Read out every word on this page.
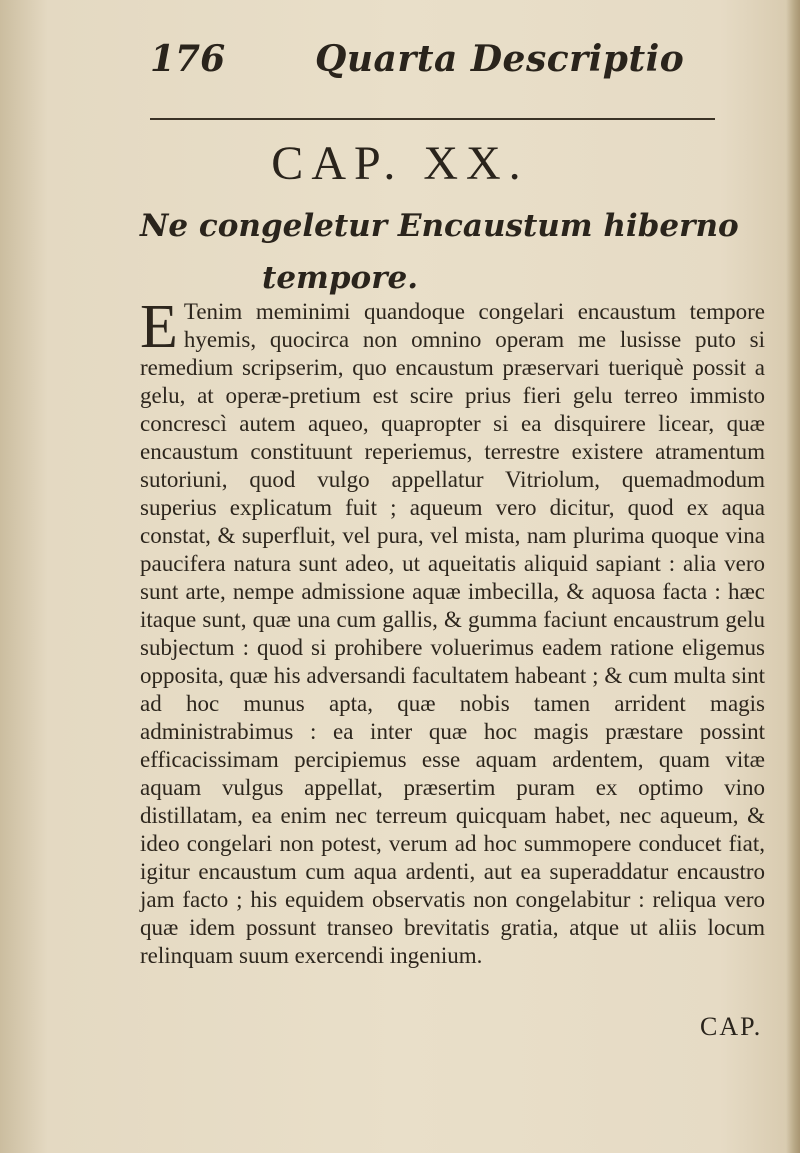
176 Quarta Descriptio
CAP. XX.
Ne congeletur Encaustum hiberno
tempore.
E Tenim meminimi quandoque congelari encaustum tempore hyemis, quocirca non omnino operam me lusisse puto si remedium scripserim, quo encaustum præservari tueriquè possit a gelu, at operæ-pretium est scire prius fieri gelu terreo immisto concrescì autem aqueo, quapropter si ea disquirere licear, quæ encaustum constituunt reperiemus, terrestre existere atramentum sutoriuni, quod vulgo appellatur Vitriolum, quemadmodum superius explicatum fuit ; aqueum vero dicitur, quod ex aqua constat, & superfluit, vel pura, vel mista, nam plurima quoque vina paucifera natura sunt adeo, ut aqueitatis aliquid sapiant : alia vero sunt arte, nempe admissione aquæ imbecilla, & aquosa facta : hæc itaque sunt, quæ una cum gallis, & gumma faciunt encaustrum gelu subjectum : quod si prohibere voluerimus eadem ratione eligemus opposita, quæ his adversandi facultatem habeant ; & cum multa sint ad hoc munus apta, quæ nobis tamen arrident magis administrabimus : ea inter quæ hoc magis præstare possint efficacissimam percipiemus esse aquam ardentem, quam vitæ aquam vulgus appellat, præsertim puram ex optimo vino distillatam, ea enim nec terreum quicquam habet, nec aqueum, & ideo congelari non potest, verum ad hoc summopere conducet fiat, igitur encaustum cum aqua ardenti, aut ea superaddatur encaustro jam facto ; his equidem observatis non congelabitur : reliqua vero quæ idem possunt transeo brevitatis gratia, atque ut aliis locum relinquam suum exercendi ingenium.
CAP.
